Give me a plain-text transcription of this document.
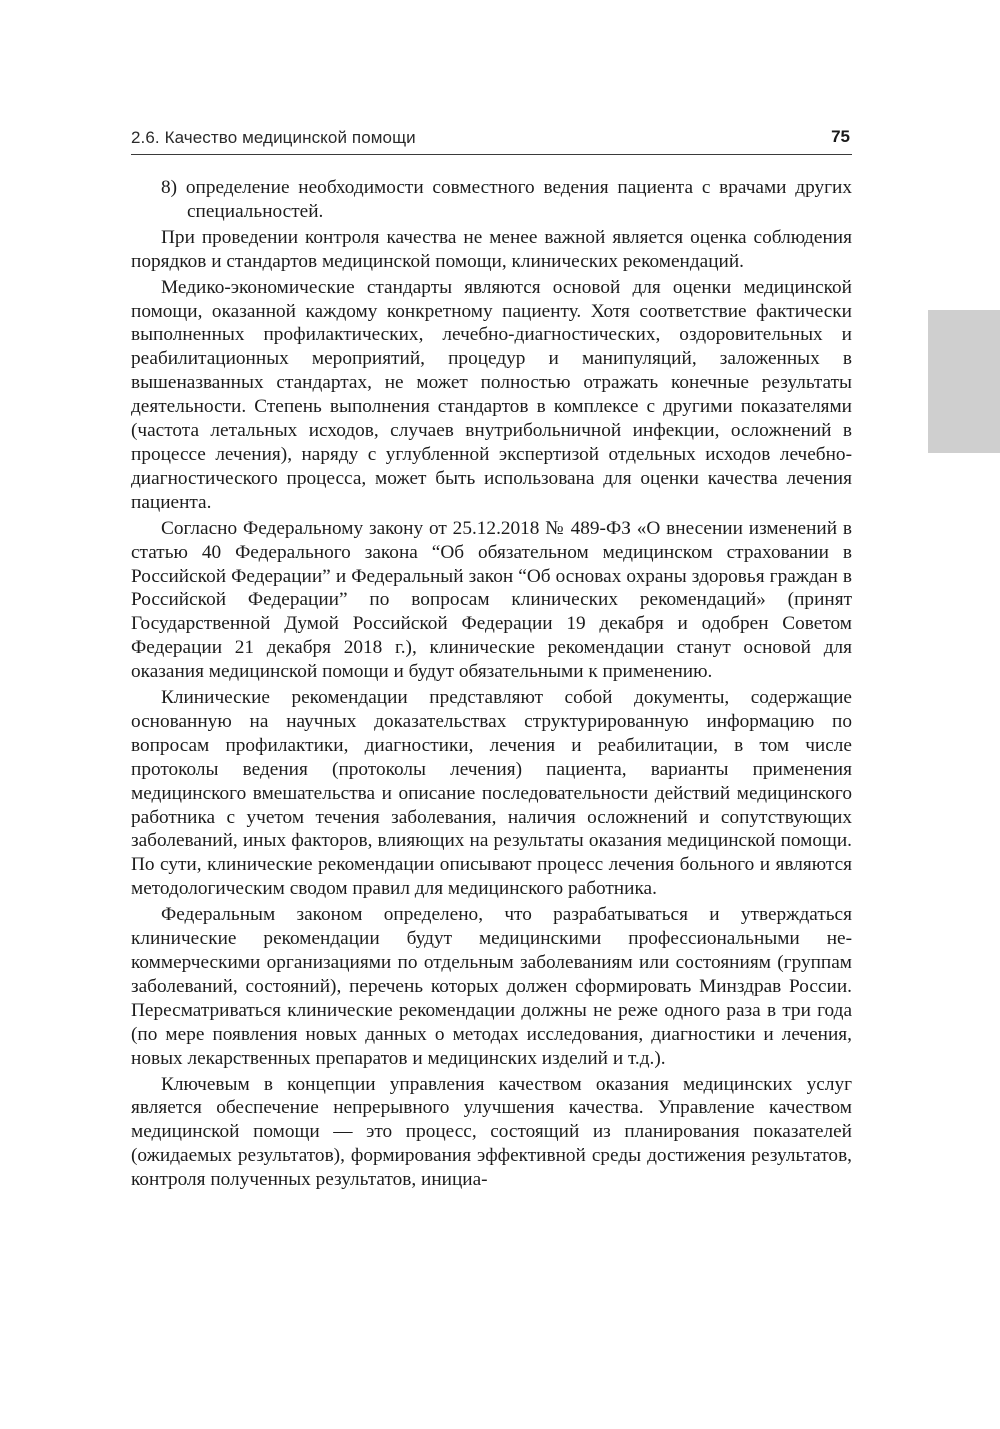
2.6. Качество медицинской помощи	75

8) определение необходимости совместного ведения пациента с врачами других специальностей.

При проведении контроля качества не менее важной является оценка соблюдения порядков и стандартов медицинской помощи, клинических рекомендаций.

Медико-экономические стандарты являются основой для оценки медицинской помощи, оказанной каждому конкретному пациенту. Хотя соответствие фактически выполненных профилактических, лечебно-диагностических, оздоровительных и реабилитационных мероприятий, процедур и манипуляций, заложенных в вышеназванных стандартах, не может полностью отражать конечные результаты деятельности. Степень выполнения стандартов в комплексе с другими показателями (частота летальных исходов, случаев внутрибольничной инфекции, осложнений в процессе лечения), наряду с углубленной экспертизой отдельных исходов лечебно-диагностического процесса, может быть использована для оценки качества лечения пациента.

Согласно Федеральному закону от 25.12.2018 № 489-ФЗ «О внесении изменений в статью 40 Федерального закона “Об обязательном медицинском страховании в Российской Федерации” и Федеральный закон “Об основах охраны здоровья граждан в Российской Федерации” по вопросам клинических рекомендаций» (принят Государственной Думой Российской Федерации 19 декабря и одобрен Советом Федерации 21 декабря 2018 г.), клинические рекомендации станут основой для оказания медицинской помощи и будут обязательными к применению.

Клинические рекомендации представляют собой документы, содержащие основанную на научных доказательствах структурированную информацию по вопросам профилактики, диагностики, лечения и реабилитации, в том числе протоколы ведения (протоколы лечения) пациента, варианты применения медицинского вмешательства и описание последовательности действий медицинского работника с учетом течения заболевания, наличия осложнений и сопутствующих заболеваний, иных факторов, влияющих на результаты оказания медицинской помощи. По сути, клинические рекомендации описывают процесс лечения больного и являются методологическим сводом правил для медицинского работника.

Федеральным законом определено, что разрабатываться и утверждаться клинические рекомендации будут медицинскими профессиональными некоммерческими организациями по отдельным заболеваниям или состояниям (группам заболеваний, состояний), перечень которых должен сформировать Минздрав России. Пересматриваться клинические рекомендации должны не реже одного раза в три года (по мере появления новых данных о методах исследования, диагностики и лечения, новых лекарственных препаратов и медицинских изделий и т.д.).

Ключевым в концепции управления качеством оказания медицинских услуг является обеспечение непрерывного улучшения качества. Управление качеством медицинской помощи — это процесс, состоящий из планирования показателей (ожидаемых результатов), формирования эффективной среды достижения результатов, контроля полученных результатов, инициа-
